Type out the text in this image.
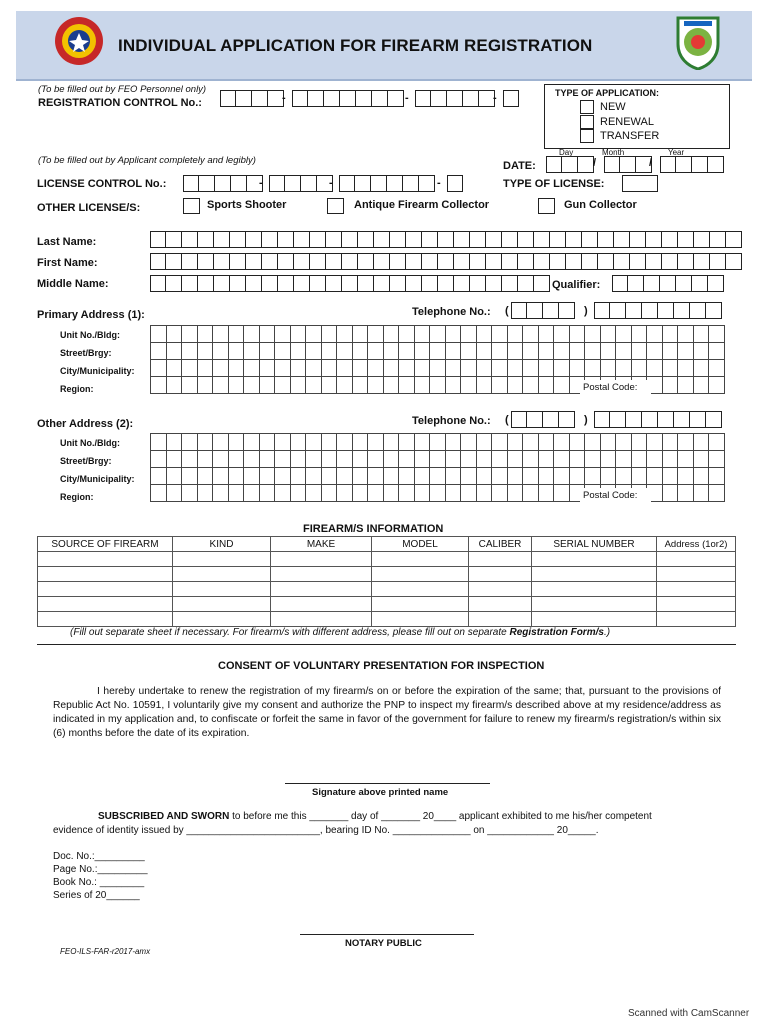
INDIVIDUAL APPLICATION FOR FIREARM REGISTRATION
(To be filled out by FEO Personnel only)
REGISTRATION CONTROL No.:	-	-	-	TYPE OF APPLICATION:
NEW
RENEWAL
TRANSFER
(To be filled out by Applicant completely and legibly)
Day	Month	Year
DATE:	/	/
LICENSE CONTROL No.:	-	-	-	TYPE OF LICENSE:
OTHER LICENSE/S:	Sports Shooter	Antique Firearm Collector	Gun Collector
Last Name:
First Name:
Middle Name:	Qualifier:
Primary Address (1):	Telephone No.: (	)
Unit No./Bldg:
Street/Brgy:
City/Municipality:
Region:

																																					Postal Code:
Other Address (2):	Telephone No.: (	)
Unit No./Bldg:
Street/Brgy:
City/Municipality:
Region:

																																					Postal Code:
FIREARM/S INFORMATION
SOURCE OF FIREARM	KIND	MAKE	MODEL	CALIBER	SERIAL NUMBER	Address (1or2)

(Fill out separate sheet if necessary. For firearm/s with different address, please fill out on separate Registration Form/s.)
CONSENT OF VOLUNTARY PRESENTATION FOR INSPECTION
I hereby undertake to renew the registration of my firearm/s on or before the expiration of the same; that, pursuant to the provisions of Republic Act No. 10591, I voluntarily give my consent and authorize the PNP to inspect my firearm/s described above at my residence/address as indicated in my application and, to confiscate or forfeit the same in favor of the government for failure to renew my firearm/s registration/s within six (6) months before the date of its expiration.
Signature above printed name
SUBSCRIBED AND SWORN to before me this _______ day of _______ 20____ applicant exhibited to me his/her competent
evidence of identity issued by ________________________, bearing ID No. ______________ on ____________ 20_____.
Doc. No.:_________
Page No.:_________
Book No.: ________
Series of 20______
NOTARY PUBLIC
FEO-ILS-FAR-r2017-amx
Scanned with CamScanner
